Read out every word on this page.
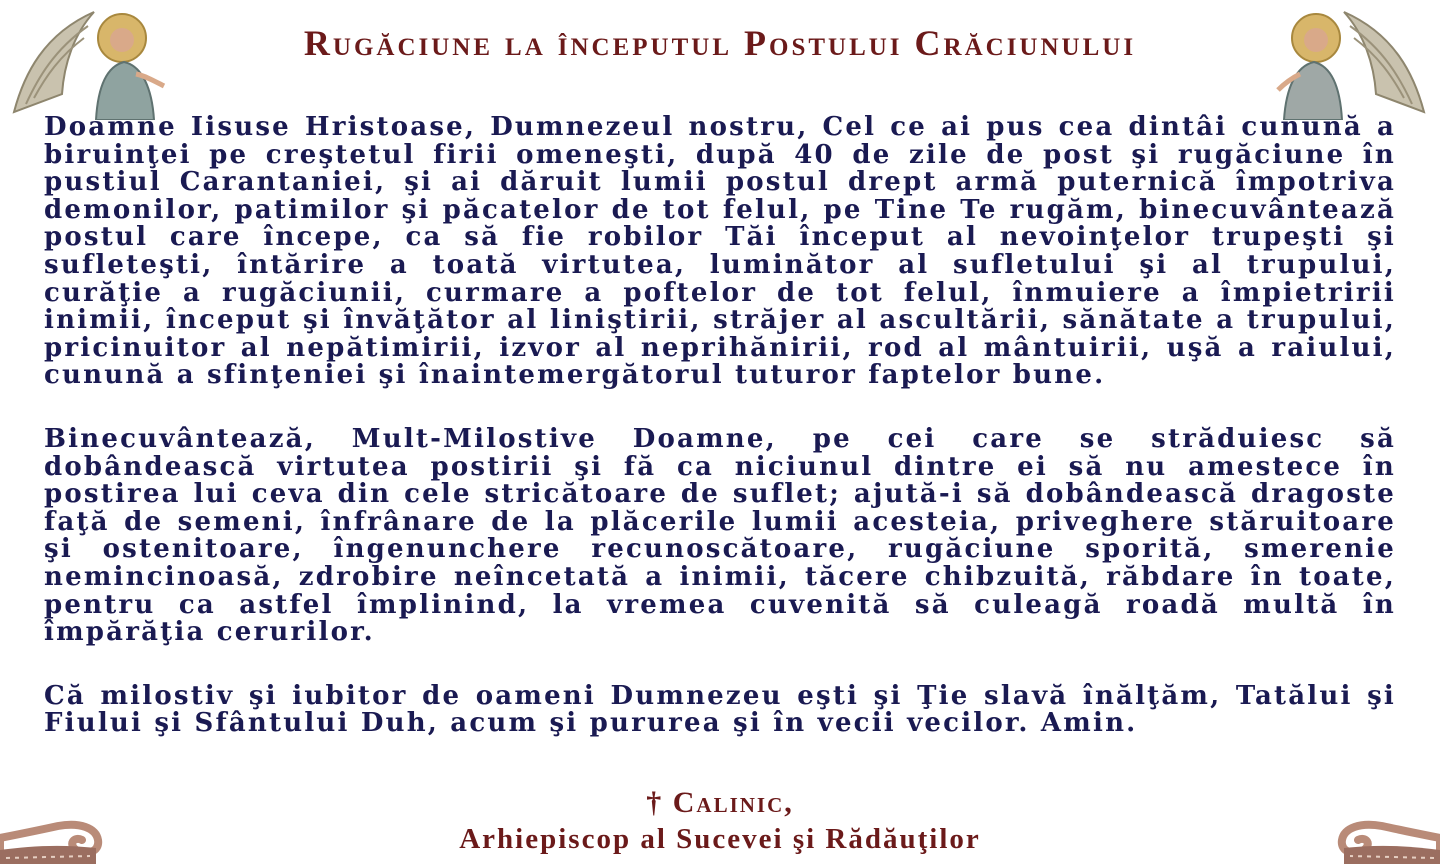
Rugăciune la începutul Postului Crăciunului

Doamne Iisuse Hristoase, Dumnezeul nostru, Cel ce ai pus cea dintâi cunună a biruinţei pe creştetul firii omeneşti, după 40 de zile de post şi rugăciune în pustiul Carantaniei, şi ai dăruit lumii postul drept armă puternică împotriva demonilor, patimilor şi păcatelor de tot felul, pe Tine Te rugăm, binecuvântează postul care începe, ca să fie robilor Tăi început al nevoinţelor trupeşti şi sufleteşti, întărire a toată virtutea, luminător al sufletului şi al trupului, curăţie a rugăciunii, curmare a poftelor de tot felul, înmuiere a împietririi inimii, început şi învăţător al liniştirii, străjer al ascultării, sănătate a trupului, pricinuitor al nepătimirii, izvor al neprihănirii, rod al mântuirii, uşă a raiului, cunună a sfinţeniei şi înaintemergătorul tuturor faptelor bune.

Binecuvântează, Mult-Milostive Doamne, pe cei care se străduiesc să dobândească virtutea postirii şi fă ca niciunul dintre ei să nu amestece în postirea lui ceva din cele stricătoare de suflet; ajută-i să dobândească dragoste faţă de semeni, înfrânare de la plăcerile lumii acesteia, priveghere stăruitoare şi ostenitoare, îngenunchere recunoscătoare, rugăciune sporită, smerenie nemincinoasă, zdrobire neîncetată a inimii, tăcere chibzuită, răbdare în toate, pentru ca astfel împlinind, la vremea cuvenită să culeagă roadă multă în împărăţia cerurilor.

Că milostiv şi iubitor de oameni Dumnezeu eşti şi Ţie slavă înălţăm, Tatălui şi Fiului şi Sfântului Duh, acum şi pururea şi în vecii vecilor. Amin.

† Calinic,
Arhiepiscop al Sucevei şi Rădăuţilor
